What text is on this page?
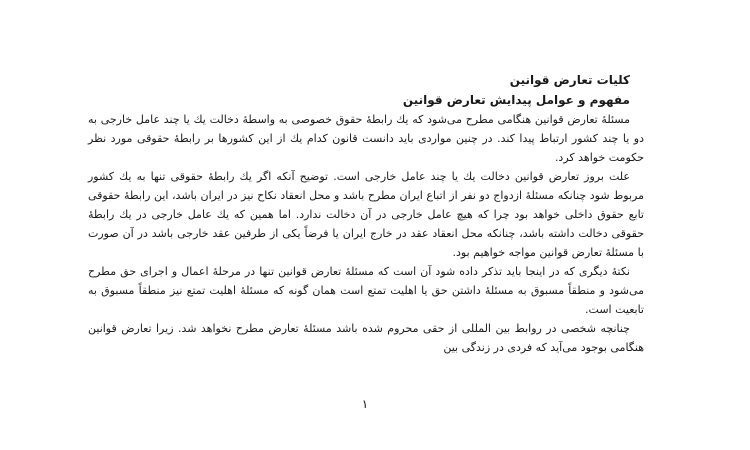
کلیات تعارض قوانین

مفهوم و عوامل پیدایش تعارض قوانین

مسئلهٔ تعارض قوانین هنگامی مطرح می‌شود که یك رابطهٔ حقوق خصوصی به واسطهٔ دخالت یك یا چند عامل خارجی به دو یا چند کشور ارتباط پیدا کند. در چنین مواردی باید دانست قانون کدام یك از این کشورها بر رابطهٔ حقوقی مورد نظر حکومت خواهد کرد.

علت بروز تعارض قوانین دخالت یك یا چند عامل خارجی است. توضیح آنکه اگر یك رابطهٔ حقوقی تنها به یك کشور مربوط شود چنانکه مسئلهٔ ازدواج دو نفر از اتباع ایران مطرح باشد و محل انعقاد نکاح نیز در ایران باشد، این رابطهٔ حقوقی تابع حقوق داخلی خواهد بود چرا که هیچ عامل خارجی در آن دخالت ندارد. اما همین که یك عامل خارجی در یك رابطهٔ حقوقی دخالت داشته باشد، چنانکه محل انعقاد عقد در خارج ایران یا فرضاً یکی از طرفین عقد خارجی باشد در آن صورت با مسئلهٔ تعارض قوانین مواجه خواهیم بود.

نکتهٔ دیگری که در اینجا باید تذکر داده شود آن است که مسئلهٔ تعارض قوانین تنها در مرحلهٔ اعمال و اجرای حق مطرح می‌شود و منطقاً مسبوق به مسئلهٔ داشتن حق یا اهلیت تمتع است همان گونه که مسئلهٔ اهلیت تمتع نیز منطقاً مسبوق به تابعیت است.

چنانچه شخصی در روابط بین المللی از حقی محروم شده باشد مسئلهٔ تعارض مطرح نخواهد شد. زیرا تعارض قوانین هنگامی بوجود می‌آید که فردی در زندگی بین

۱
